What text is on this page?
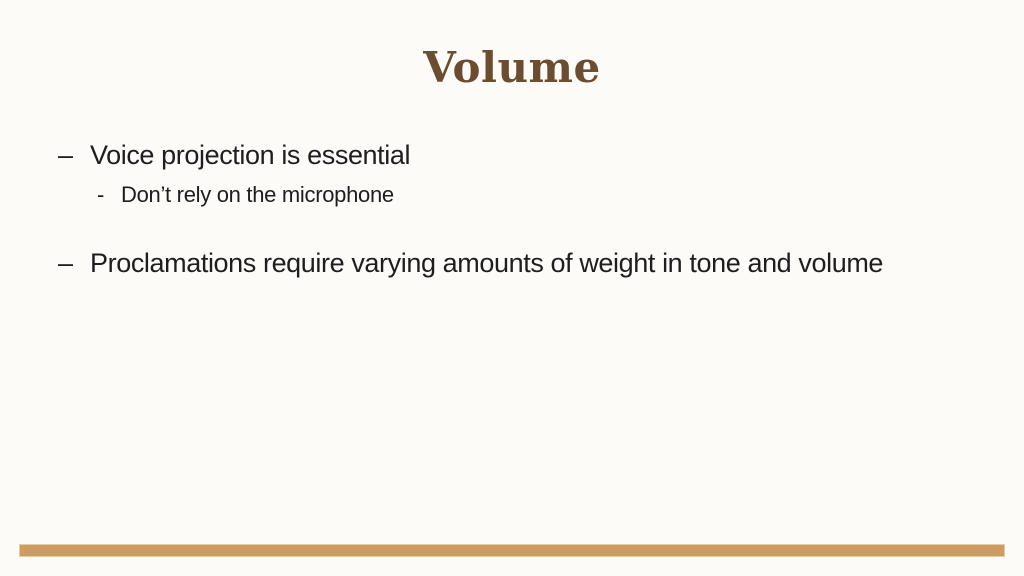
Volume
– Voice projection is essential
- Don’t rely on the microphone
– Proclamations require varying amounts of weight in tone and volume
